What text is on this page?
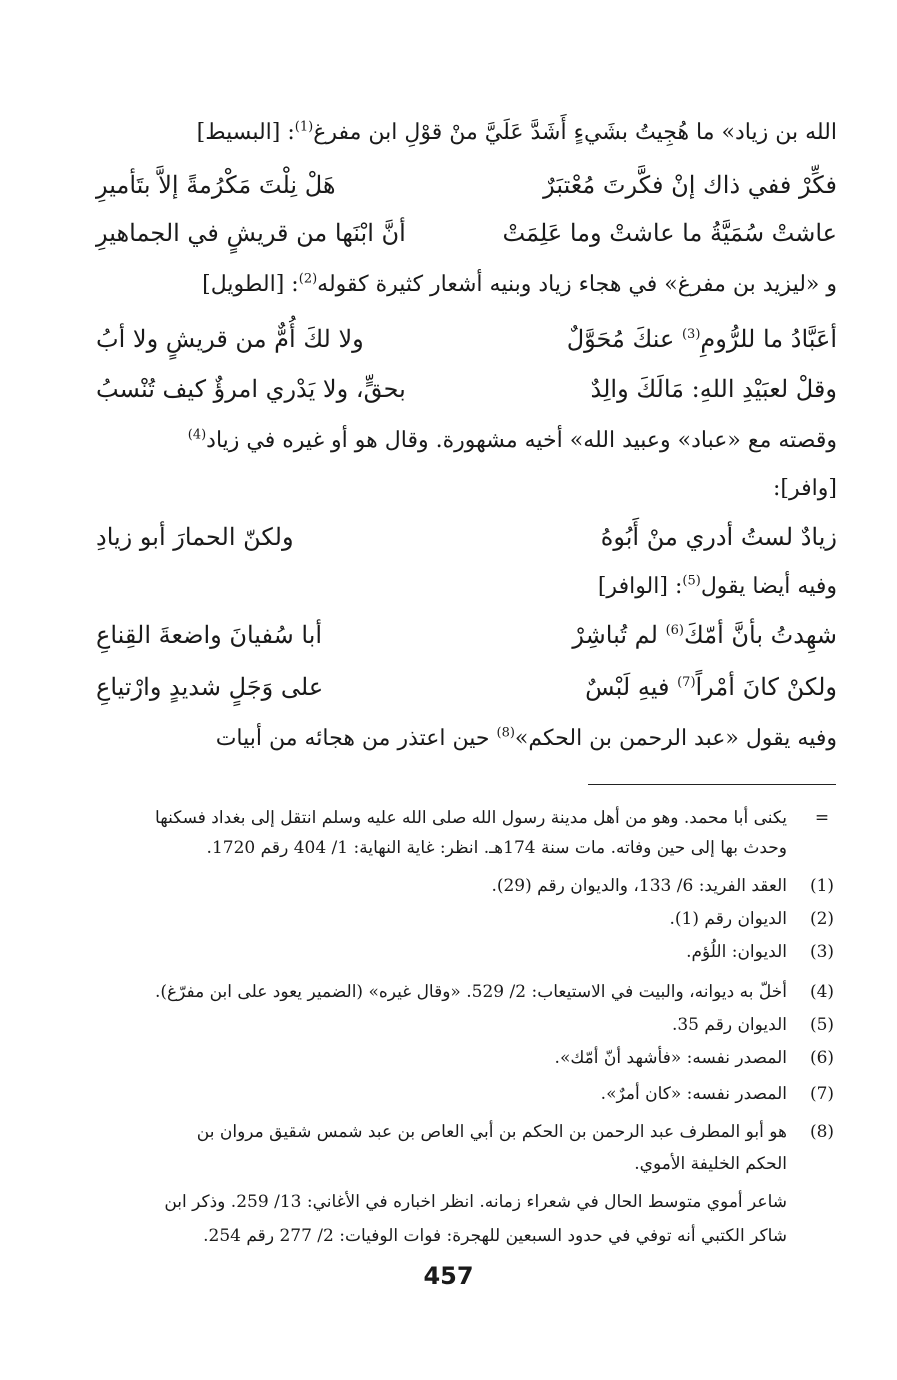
الله بن زياد» ما هُجِيتُ بشَيءٍ أَشَدَّ عَلَيَّ منْ قوْلِ ابن مفرغ$^{(1)}$: [البسيط]
فكِّرْ ففي ذاك إنْ فكَّرتَ مُعْتبَرٌ
هَلْ نِلْتَ مَكْرُمةً إلاَّ بتَأميرِ
عاشتْ سُمَيَّةُ ما عاشتْ وما عَلِمَتْ
أنَّ ابْنَها من قريشٍ في الجماهيرِ
و «ليزيد بن مفرغ» في هجاء زياد وبنيه أشعار كثيرة كقوله$^{(2)}$: [الطويل]
أعَبَّادُ ما للرُّومِ$^{(3)}$ عنكَ مُحَوَّلٌ
ولا لكَ أُمٌّ من قريشٍ ولا أبُ
وقلْ لعبَيْدِ اللهِ: مَالَكَ والِدٌ
بحقٍّ، ولا يَدْري امرؤٌ كيف تُنْسبُ
وقصته مع «عباد» وعبيد الله» أخيه مشهورة. وقال هو أو غيره في زياد$^{(4)}$
[وافر]:
زيادٌ لستُ أدري منْ أَبُوهُ
ولكنّ الحمارَ أبو زيادِ
وفيه أيضا يقول$^{(5)}$: [الوافر]
شهِدتُ بأنَّ أمّكَ$^{(6)}$ لم تُباشِرْ
أبا سُفيانَ واضعةَ القِناعِ
ولكنْ كانَ أمْراً$^{(7)}$ فيهِ لَبْسٌ
على وَجَلٍ شديدٍ وارْتياعِ
وفيه يقول «عبد الرحمن بن الحكم»$^{(8)}$ حين اعتذر من هجائه من أبيات
=
يكنى أبا محمد. وهو من أهل مدينة رسول الله صلى الله عليه وسلم انتقل إلى بغداد فسكنها
وحدث بها إلى حين وفاته. مات سنة 174هـ. انظر: غاية النهاية: 1/ 404 رقم 1720.
(1)
العقد الفريد: 6/ 133، والديوان رقم (29).
(2)
الديوان رقم (1).
(3)
الديوان: اللُؤم.
(4)
أخلّ به ديوانه، والبيت في الاستيعاب: 2/ 529. «وقال غيره» (الضمير يعود على ابن مفرّغ).
(5)
الديوان رقم 35.
(6)
المصدر نفسه: «فأشهد أنّ أمّك».
(7)
المصدر نفسه: «كان أمرٌ».
(8)
هو أبو المطرف عبد الرحمن بن الحكم بن أبي العاص بن عبد شمس شقيق مروان بن
الحكم الخليفة الأموي.
شاعر أموي متوسط الحال في شعراء زمانه. انظر اخباره في الأغاني: 13/ 259. وذكر ابن
شاكر الكتبي أنه توفي في حدود السبعين للهجرة: فوات الوفيات: 2/ 277 رقم 254.
457
